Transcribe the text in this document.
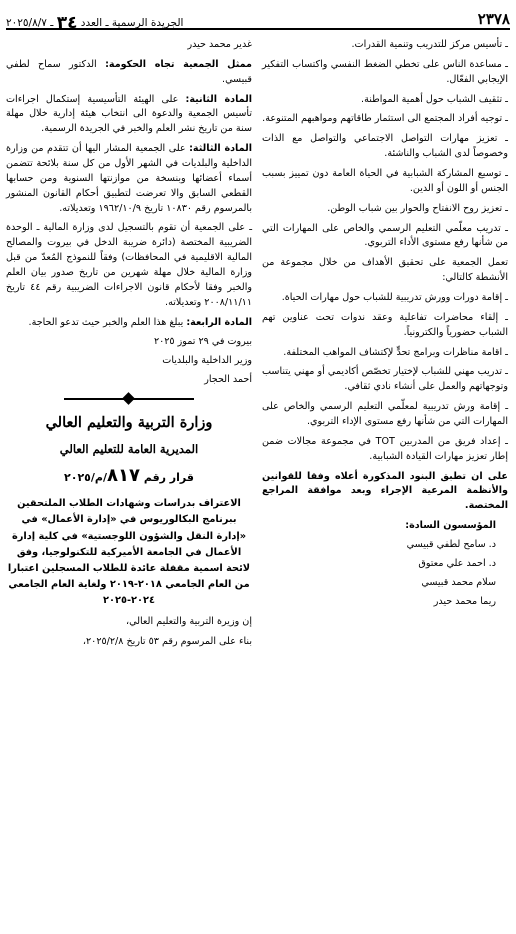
٢٣٧٨
الجريدة الرسمية ـ العدد ٣٤ ـ ٢٠٢٥/٨/٧

ـ تأسيس مركز للتدريب وتنمية القدرات.

ـ مساعدة الناس على تخطي الضغط النفسي واكتساب التفكير الإيجابي الفعّال.

ـ تثقيف الشباب حول أهمية المواطنة.

ـ توجيه أفراد المجتمع الى استثمار طاقاتهم ومواهبهم المتنوعة.

ـ تعزيز مهارات التواصل الاجتماعي والتواصل مع الذات وخصوصاً لدى الشباب والناشئة.

ـ توسيع المشاركة الشبابية في الحياة العامة دون تمييز بسبب الجنس أو اللون أو الدين.

ـ تعزيز روح الانفتاح والحوار بين شباب الوطن.

ـ تدريب معلّمي التعليم الرسمي والخاص على المهارات التي من شأنها رفع مستوى الأداء التربوي.

تعمل الجمعية على تحقيق الأهداف من خلال مجموعة من الأنشطة كالتالي:

ـ إقامة دورات وورش تدريبية للشباب حول مهارات الحياة.

ـ إلقاء محاضرات تفاعلية وعقد ندوات تحت عناوين تهم الشباب حضورياً والكترونياً.

ـ اقامة مناظرات وبرامج تحدٍّ لإكتشاف المواهب المختلفة.

ـ تدريب مهني للشباب لإختيار تخصّص أكاديمي أو مهني يتناسب وتوجهاتهم والعمل على أنشاء نادي ثقافي.

ـ إقامة ورش تدريبية لمعلّمي التعليم الرسمي والخاص على المهارات التي من شأنها رفع مستوى الإداء التربوي.

ـ إعداد فريق من المدربين TOT في مجموعة مجالات ضمن إطار تعزيز مهارات القيادة الشبابية.

على ان تطبق البنود المذكورة أعلاه وفقا للقوانين والأنظمة المرعية الإجراء وبعد موافقة المراجع المختصة.

المؤسسون السادة:

د. سامح لطفي قبيسي

د. احمد علي معتوق

سلام محمد قبيسي

ريما محمد حيدر

غدير محمد حيدر

ممثل الجمعية تجاه الحكومة: الدكتور سماح لطفي قبيسي.

المادة الثانية: على الهيئة التأسيسية إستكمال اجراءات تأسيس الجمعية والدعوة الى انتخاب هيئة إدارية خلال مهلة سنة من تاريخ نشر العلم والخبر في الجريدة الرسمية.

المادة الثالثة: على الجمعية المشار اليها أن تتقدم من وزارة الداخلية والبلديات في الشهر الأول من كل سنة بلائحة تتضمن أسماء أعضائها وبنسخة من موازنتها السنوية ومن حسابها القطعي السابق والا تعرضت لتطبيق أحكام القانون المنشور بالمرسوم رقم ١٠٨٣٠ تاريخ ١٩٦٢/١٠/٩ وتعديلاته.

ـ على الجمعية أن تقوم بالتسجيل لدى وزارة المالية ـ الوحدة الضريبية المختصة (دائرة ضريبة الدخل في بيروت والمصالح المالية الاقليمية في المحافظات) وفقاً للنموذج المُعدّ من قبل وزارة المالية خلال مهلة شهرين من تاريخ صدور بيان العلم والخبر وفقا لأحكام قانون الاجراءات الضريبية رقم ٤٤ تاريخ ٢٠٠٨/١١/١١ وتعديلاته.

المادة الرابعة: يبلغ هذا العلم والخبر حيث تدعو الحاجة.

بيروت في ٢٩ تموز ٢٠٢٥

وزير الداخلية والبلديات

أحمد الحجار

وزارة التربية والتعليم العالي
المديرية العامة للتعليم العالي
قرار رقم ٨١٧/م/٢٠٢٥
الاعتراف بدراسات وشهادات الطلاب الملتحقين ببرنامج البكالوريوس في «إدارة الأعمال» في «إدارة النقل والشؤون اللوجستية» في كلية إدارة الأعمال في الجامعة الأميركية للتكنولوجيا، وفق لائحة اسمية مقفلة عائدة للطلاب المسجلين اعتبارا من العام الجامعي ٢٠١٨-٢٠١٩ ولغاية العام الجامعي ٢٠٢٤-٢٠٢٥

إن وزيرة التربية والتعليم العالي،

بناء على المرسوم رقم ٥٣ تاريخ ٢٠٢٥/٢/٨،
